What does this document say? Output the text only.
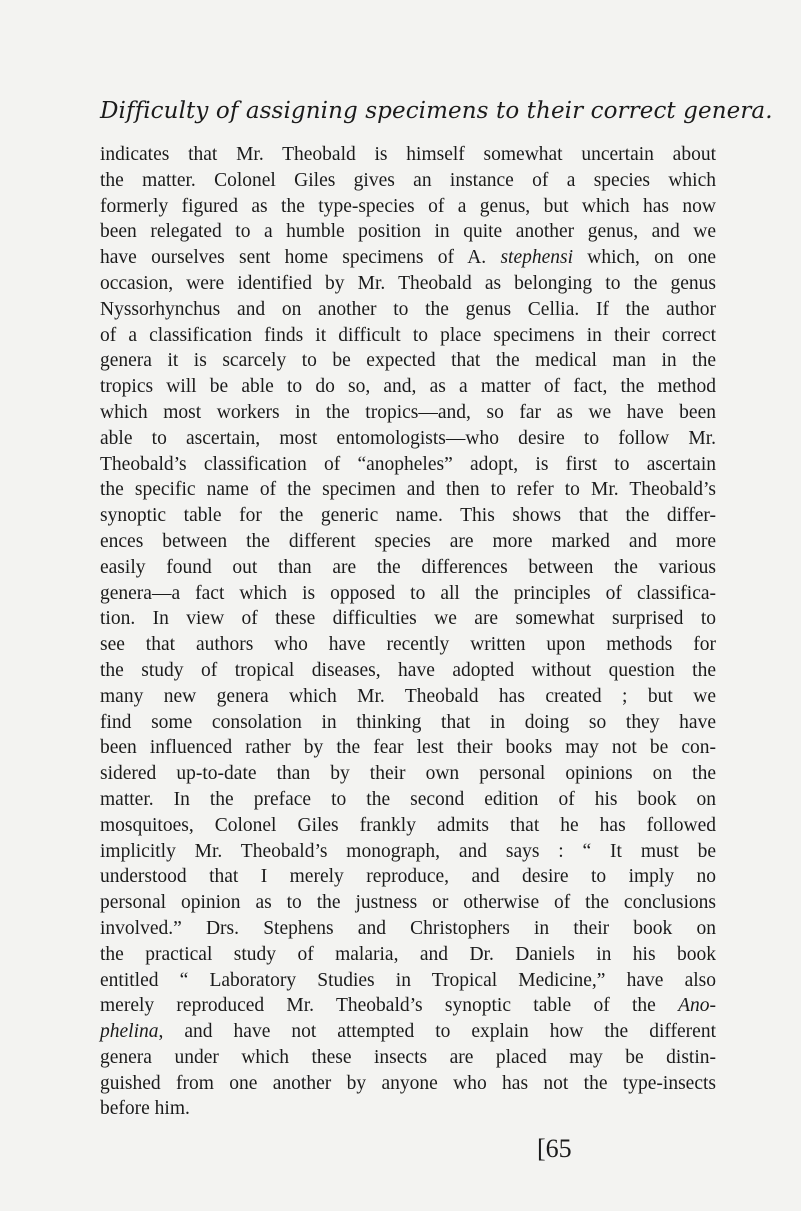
Difficulty of assigning specimens to their correct genera.
indicates that Mr. Theobald is himself somewhat uncertain about
the matter. Colonel Giles gives an instance of a species which
formerly figured as the type-species of a genus, but which has now
been relegated to a humble position in quite another genus, and we
have ourselves sent home specimens of A. stephensi which, on one
occasion, were identified by Mr. Theobald as belonging to the genus
Nyssorhynchus and on another to the genus Cellia. If the author
of a classification finds it difficult to place specimens in their correct
genera it is scarcely to be expected that the medical man in the
tropics will be able to do so, and, as a matter of fact, the method
which most workers in the tropics—and, so far as we have been
able to ascertain, most entomologists—who desire to follow Mr.
Theobald’s classification of “anopheles” adopt, is first to ascertain
the specific name of the specimen and then to refer to Mr. Theobald’s
synoptic table for the generic name. This shows that the differ-
ences between the different species are more marked and more
easily found out than are the differences between the various
genera—a fact which is opposed to all the principles of classifica-
tion. In view of these difficulties we are somewhat surprised to
see that authors who have recently written upon methods for
the study of tropical diseases, have adopted without question the
many new genera which Mr. Theobald has created ; but we
find some consolation in thinking that in doing so they have
been influenced rather by the fear lest their books may not be con-
sidered up-to-date than by their own personal opinions on the
matter. In the preface to the second edition of his book on
mosquitoes, Colonel Giles frankly admits that he has followed
implicitly Mr. Theobald’s monograph, and says : “ It must be
understood that I merely reproduce, and desire to imply no
personal opinion as to the justness or otherwise of the conclusions
involved.” Drs. Stephens and Christophers in their book on
the practical study of malaria, and Dr. Daniels in his book
entitled “ Laboratory Studies in Tropical Medicine,” have also
merely reproduced Mr. Theobald’s synoptic table of the Ano-
phelina, and have not attempted to explain how the different
genera under which these insects are placed may be distin-
guished from one another by anyone who has not the type-insects
before him.
[65
